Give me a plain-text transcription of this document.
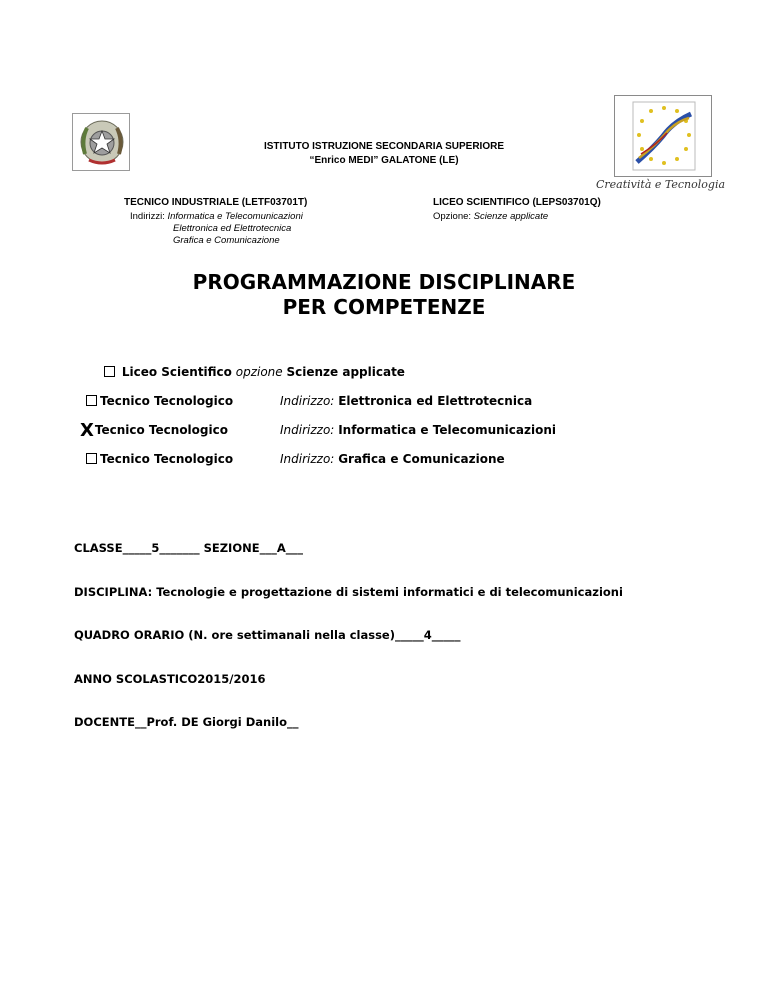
Creatività e Tecnologia
ISTITUTO ISTRUZIONE SECONDARIA SUPERIORE
“Enrico MEDI” GALATONE (LE)
TECNICO INDUSTRIALE (LETF03701T)
Indirizzi: Informatica e Telecomunicazioni
Elettronica ed Elettrotecnica
Grafica e Comunicazione
LICEO SCIENTIFICO (LEPS03701Q)
Opzione: Scienze applicate
PROGRAMMAZIONE DISCIPLINARE
PER COMPETENZE
Liceo Scientifico opzione Scienze applicate
Tecnico Tecnologico	Indirizzo: Elettronica ed Elettrotecnica
XTecnico Tecnologico	Indirizzo: Informatica e Telecomunicazioni
Tecnico Tecnologico	Indirizzo: Grafica e Comunicazione
CLASSE_____5_______ SEZIONE___A___
DISCIPLINA: Tecnologie e progettazione di sistemi informatici e di telecomunicazioni
QUADRO ORARIO (N. ore settimanali nella classe)_____4_____
ANNO SCOLASTICO2015/2016
DOCENTE__Prof. DE Giorgi Danilo__
